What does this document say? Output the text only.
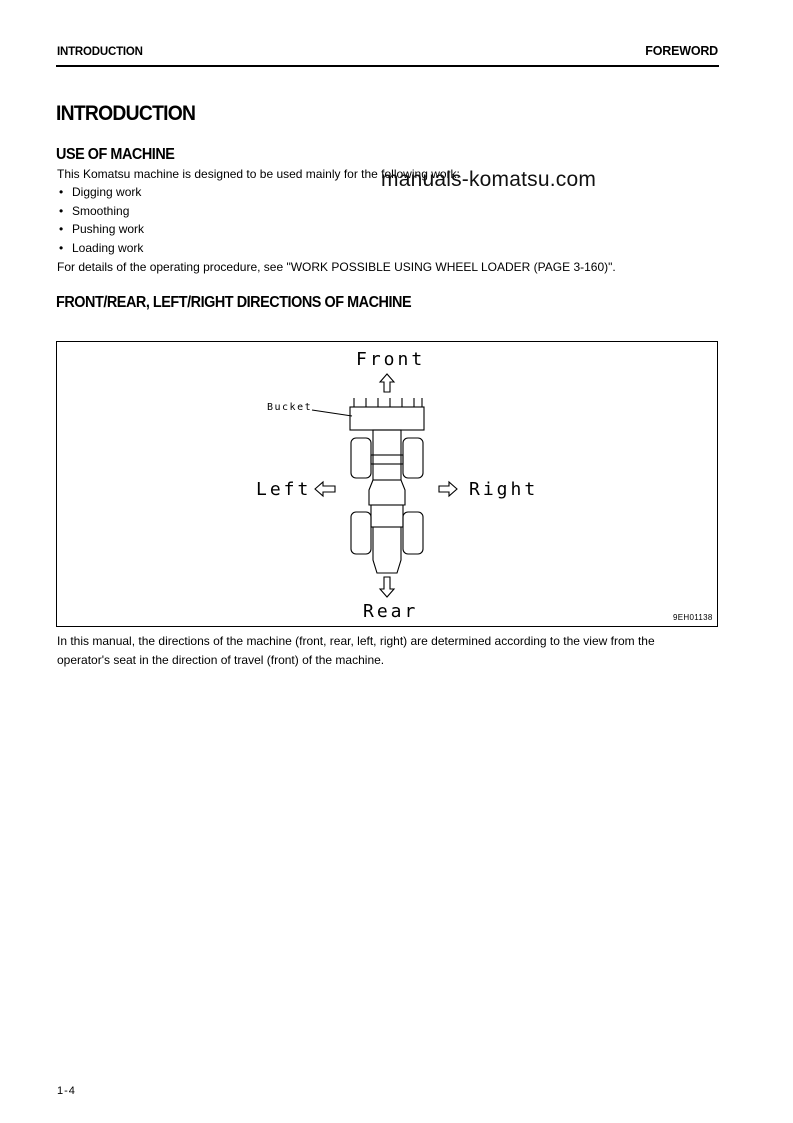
INTRODUCTION	FOREWORD
INTRODUCTION
USE OF MACHINE
This Komatsu machine is designed to be used mainly for the following work:
• Digging work
• Smoothing
• Pushing work
• Loading work
For details of the operating procedure, see "WORK POSSIBLE USING WHEEL LOADER (PAGE 3-160)".
manuals-komatsu.com
FRONT/REAR, LEFT/RIGHT DIRECTIONS OF MACHINE
Front
Rear
Left	Right
Bucket
9EH01138
In this manual, the directions of the machine (front, rear, left, right) are determined according to the view from the
operator's seat in the direction of travel (front) of the machine.
1-4
